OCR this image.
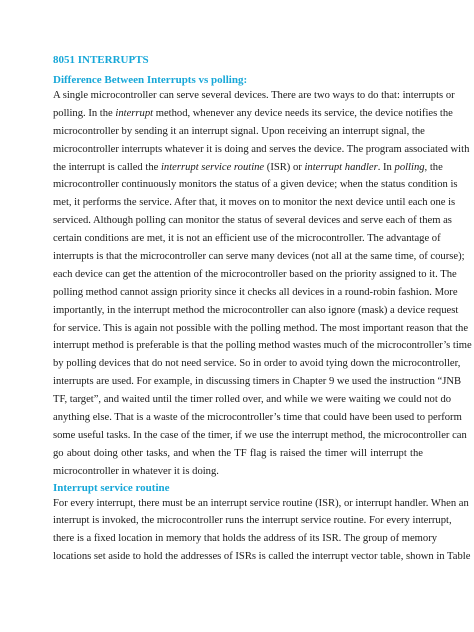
8051 INTERRUPTS
Difference Between Interrupts vs polling:
A single microcontroller can serve several devices. There are two ways to do that: interrupts or
polling. In the interrupt method, whenever any device needs its service, the device notifies the
microcontroller by sending it an interrupt signal. Upon receiving an interrupt signal, the
microcontroller interrupts whatever it is doing and serves the device. The program associated with
the interrupt is called the interrupt service routine (ISR) or interrupt handler. In polling, the
microcontroller continuously monitors the status of a given device; when the status condition is
met, it performs the service. After that, it moves on to monitor the next device until each one is
serviced. Although polling can monitor the status of several devices and serve each of them as
certain conditions are met, it is not an efficient use of the microcontroller. The advantage of
interrupts is that the microcontroller can serve many devices (not all at the same time, of course);
each device can get the attention of the microcontroller based on the priority assigned to it. The
polling method cannot assign priority since it checks all devices in a round-robin fashion. More
importantly, in the interrupt method the microcontroller can also ignore (mask) a device request
for service. This is again not possible with the polling method. The most important reason that the
interrupt method is preferable is that the polling method wastes much of the microcontroller’s time
by polling devices that do not need service. So in order to avoid tying down the microcontroller,
interrupts are used. For example, in discussing timers in Chapter 9 we used the instruction “JNB
TF, target”, and waited until the timer rolled over, and while we were waiting we could not do
anything else. That is a waste of the microcontroller’s time that could have been used to perform
some useful tasks. In the case of the timer, if we use the interrupt method, the microcontroller can
go about doing other tasks, and when the TF flag is raised the timer will interrupt the
microcontroller in whatever it is doing.
Interrupt service routine
For every interrupt, there must be an interrupt service routine (ISR), or interrupt handler. When an
interrupt is invoked, the microcontroller runs the interrupt service routine. For every interrupt,
there is a fixed location in memory that holds the address of its ISR. The group of memory
locations set aside to hold the addresses of ISRs is called the interrupt vector table, shown in Table
